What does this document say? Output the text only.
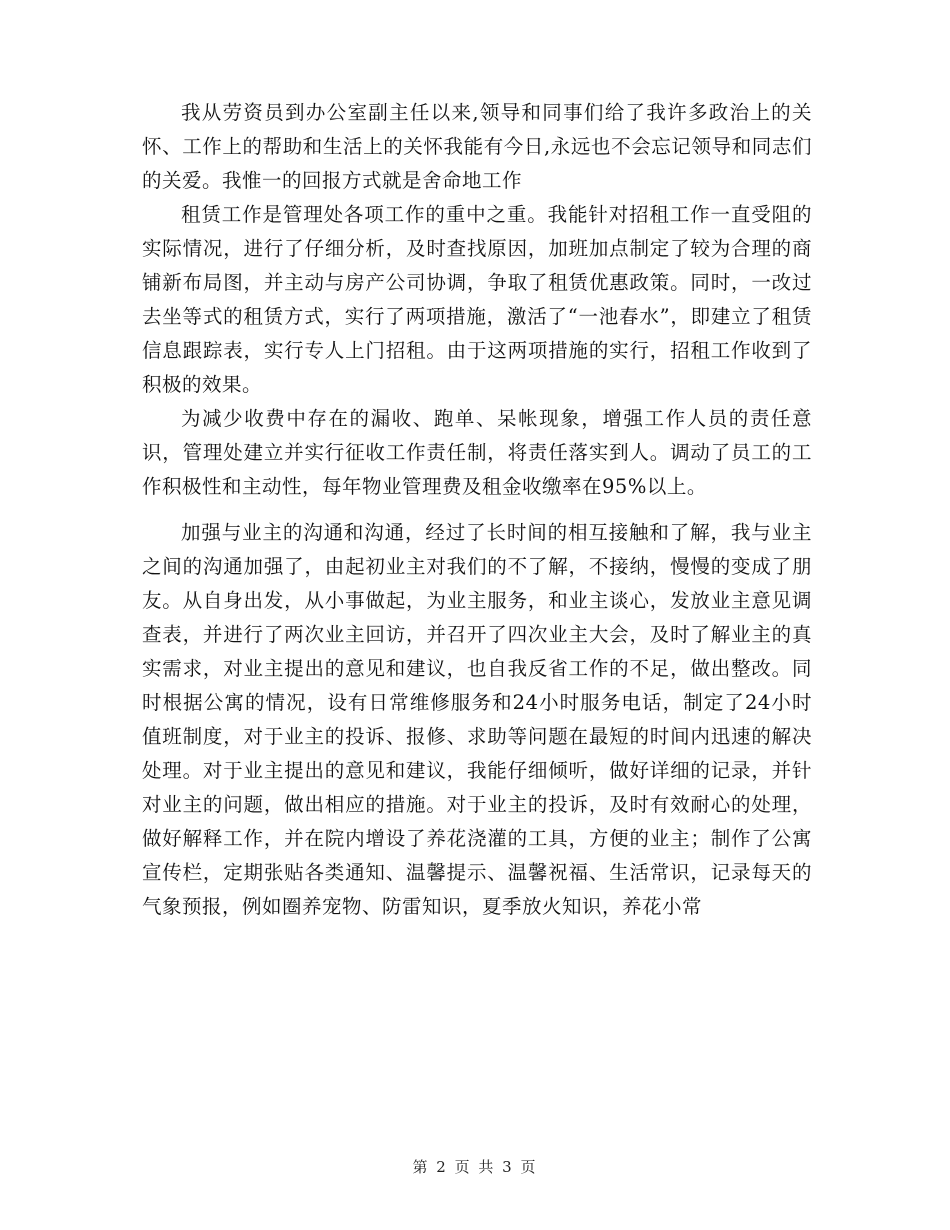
我从劳资员到办公室副主任以来,领导和同事们给了我许多政治上的关怀、工作上的帮助和生活上的关怀我能有今日,永远也不会忘记领导和同志们的关爱。我惟一的回报方式就是舍命地工作

租赁工作是管理处各项工作的重中之重。我能针对招租工作一直受阻的实际情况，进行了仔细分析，及时查找原因，加班加点制定了较为合理的商铺新布局图，并主动与房产公司协调，争取了租赁优惠政策。同时，一改过去坐等式的租赁方式，实行了两项措施，激活了“一池春水”，即建立了租赁信息跟踪表，实行专人上门招租。由于这两项措施的实行，招租工作收到了积极的效果。

为减少收费中存在的漏收、跑单、呆帐现象，增强工作人员的责任意识，管理处建立并实行征收工作责任制，将责任落实到人。调动了员工的工作积极性和主动性，每年物业管理费及租金收缴率在95%以上。

加强与业主的沟通和沟通，经过了长时间的相互接触和了解，我与业主之间的沟通加强了，由起初业主对我们的不了解，不接纳，慢慢的变成了朋友。从自身出发，从小事做起，为业主服务，和业主谈心，发放业主意见调查表，并进行了两次业主回访，并召开了四次业主大会，及时了解业主的真实需求，对业主提出的意见和建议，也自我反省工作的不足，做出整改。同时根据公寓的情况，设有日常维修服务和24小时服务电话，制定了24小时值班制度，对于业主的投诉、报修、求助等问题在最短的时间内迅速的解决处理。对于业主提出的意见和建议，我能仔细倾听，做好详细的记录，并针对业主的问题，做出相应的措施。对于业主的投诉，及时有效耐心的处理，做好解释工作，并在院内增设了养花浇灌的工具，方便的业主；制作了公寓宣传栏，定期张贴各类通知、温馨提示、温馨祝福、生活常识，记录每天的气象预报，例如圈养宠物、防雷知识，夏季放火知识，养花小常

第 2 页 共 3 页
